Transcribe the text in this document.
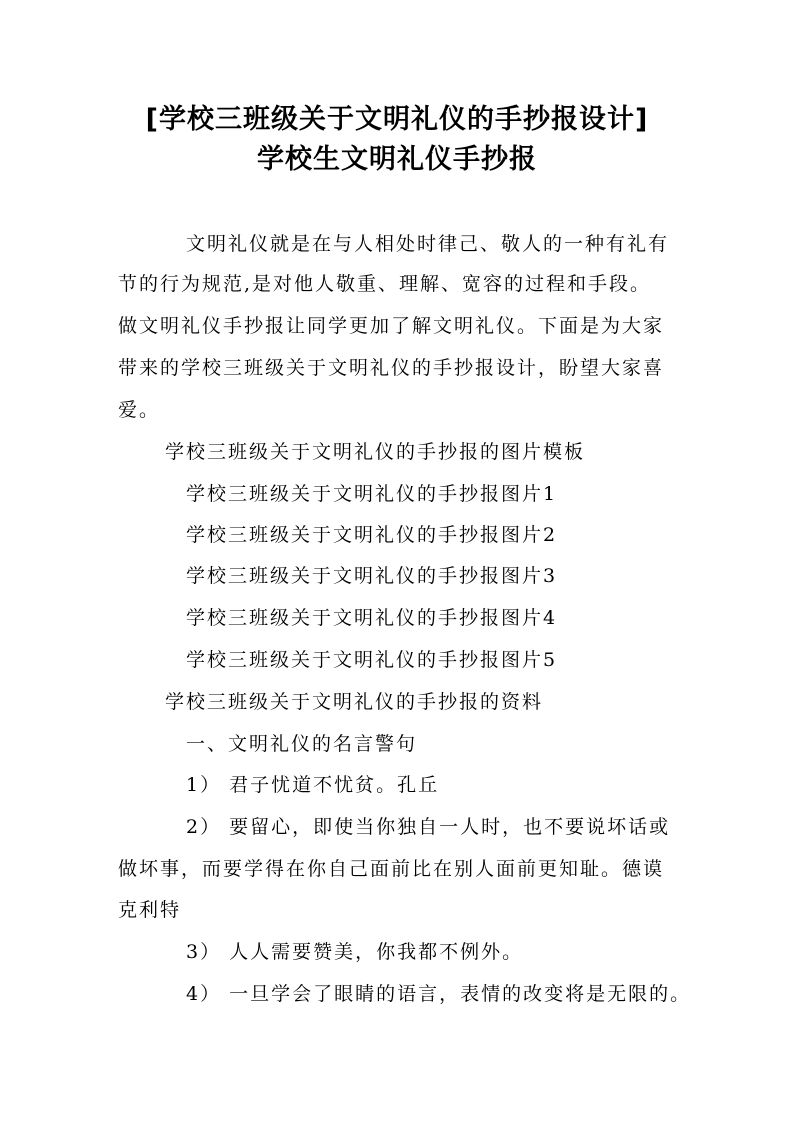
[学校三班级关于文明礼仪的手抄报设计]
学校生文明礼仪手抄报
文明礼仪就是在与人相处时律己、敬人的一种有礼有
节的行为规范,是对他人敬重、理解、宽容的过程和手段。
做文明礼仪手抄报让同学更加了解文明礼仪。下面是为大家
带来的学校三班级关于文明礼仪的手抄报设计，盼望大家喜
爱。
学校三班级关于文明礼仪的手抄报的图片模板
学校三班级关于文明礼仪的手抄报图片1
学校三班级关于文明礼仪的手抄报图片2
学校三班级关于文明礼仪的手抄报图片3
学校三班级关于文明礼仪的手抄报图片4
学校三班级关于文明礼仪的手抄报图片5
学校三班级关于文明礼仪的手抄报的资料
一、文明礼仪的名言警句
1） 君子忧道不忧贫。孔丘
2） 要留心，即使当你独自一人时，也不要说坏话或
做坏事，而要学得在你自己面前比在别人面前更知耻。德谟
克利特
3） 人人需要赞美，你我都不例外。
4） 一旦学会了眼睛的语言，表情的改变将是无限的。
